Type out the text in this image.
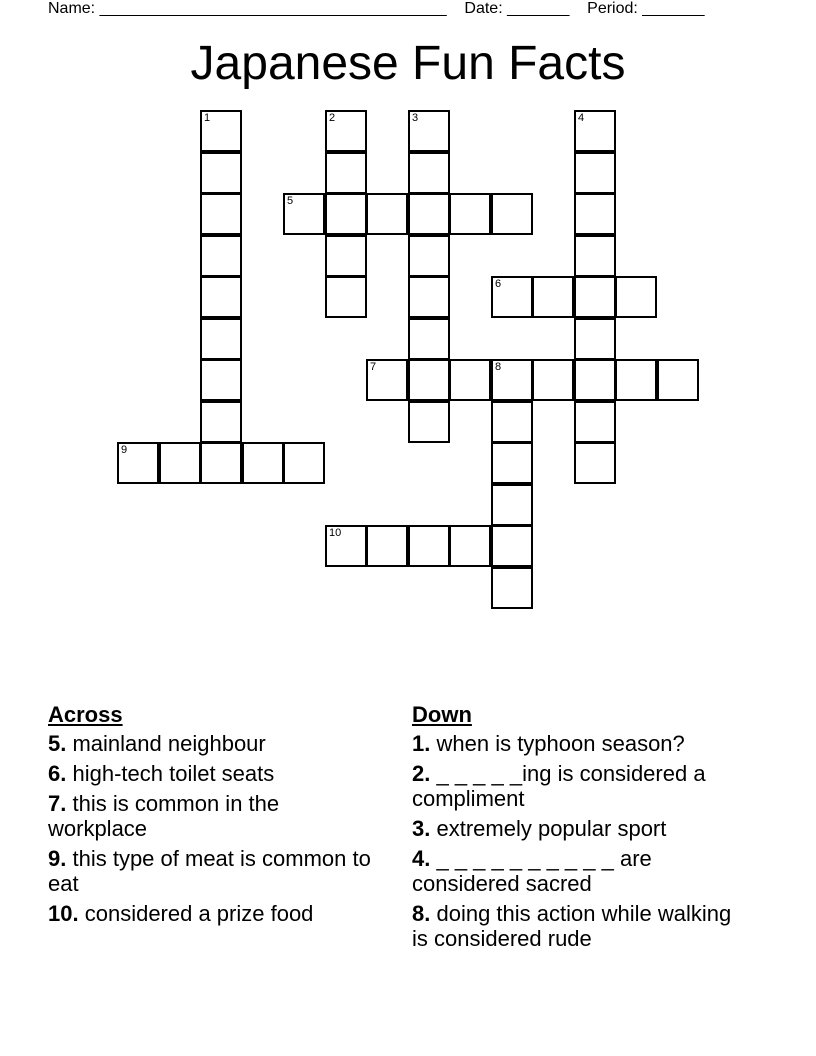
Name: _______________________________________    Date: _______    Period: _______
Japanese Fun Facts
1	2	3	4
5
6
7	8
9
10
Across
5. mainland neighbour
6. high-tech toilet seats
7. this is common in the workplace
9. this type of meat is common to eat
10. considered a prize food
Down
1. when is typhoon season?
2. _ _ _ _ _ing is considered a compliment
3. extremely popular sport
4. _ _ _ _ _ _ _ _ _ _ are considered sacred
8. doing this action while walking is considered rude
